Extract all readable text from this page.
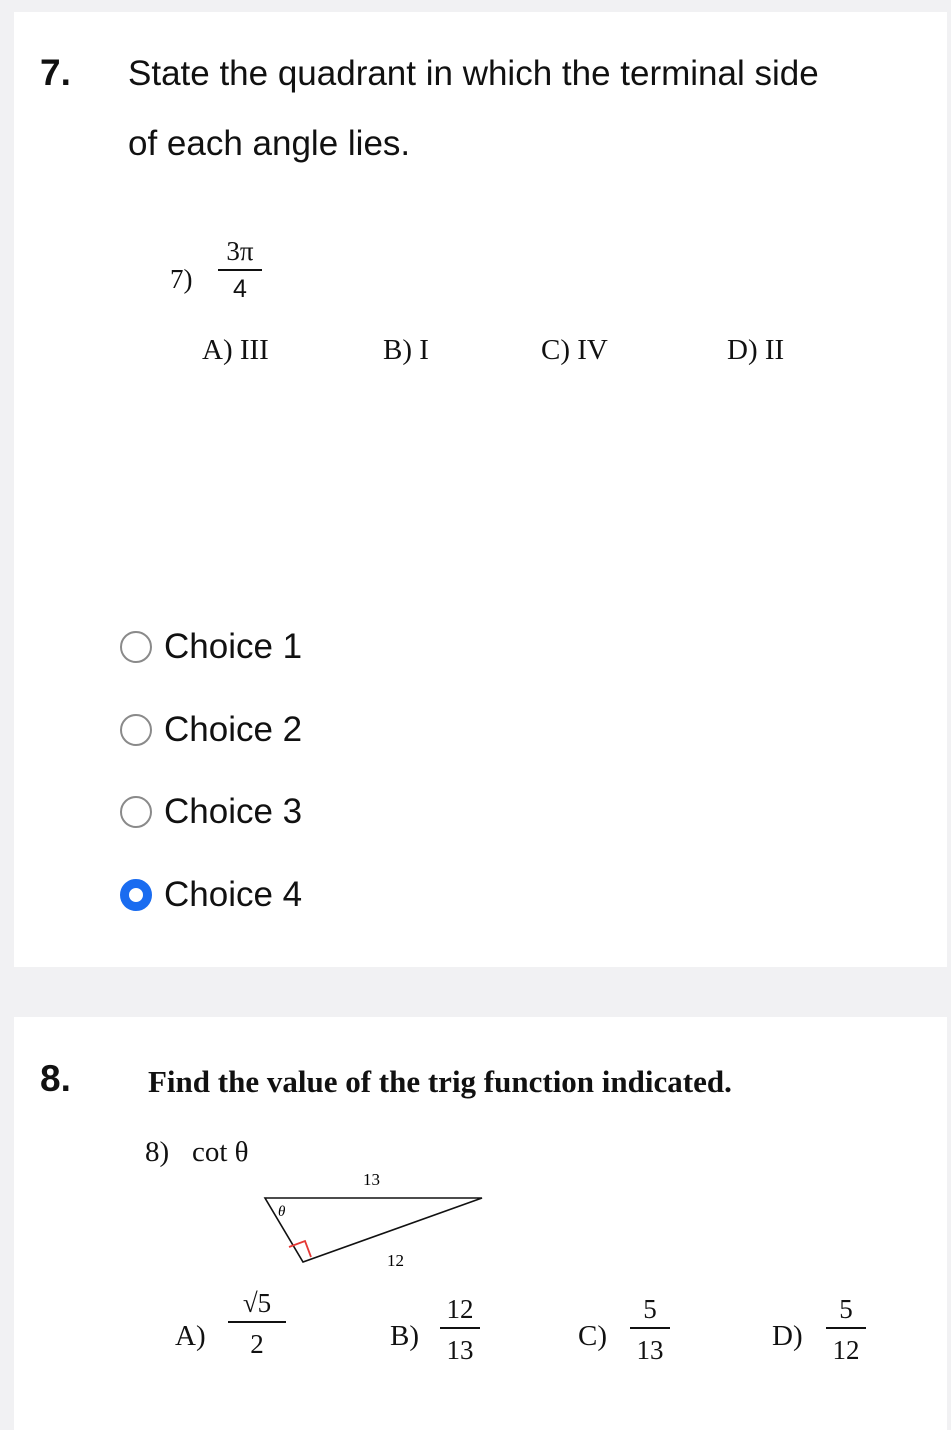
7. State the quadrant in which the terminal side
of each angle lies.
7)
3π
4
A) III	B) I	C) IV	D) II
Choice 1
Choice 2
Choice 3
Choice 4
8. Find the value of the trig function indicated.
8) cot θ
13
12
θ
A)
√5
2	B)
12
13	C)
5
13	D)
5
12
